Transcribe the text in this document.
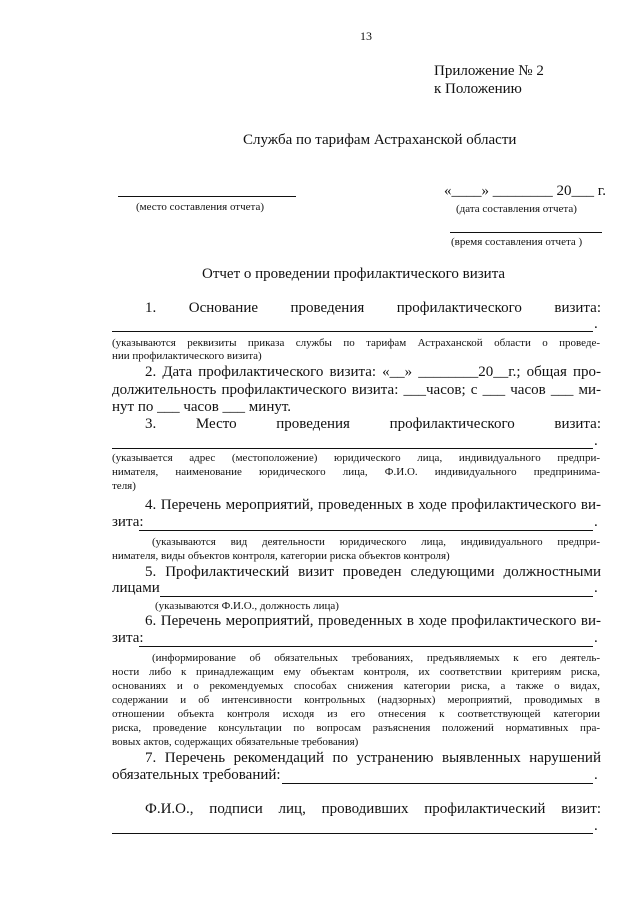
13
Приложение № 2
к Положению
Служба по тарифам Астраханской области
(место составления отчета)
«____» ________ 20___ г.
(дата составления отчета)
(время составления отчета )
Отчет о проведении профилактического визита
1. Основание проведения профилактического визита:
.
(указываются реквизиты приказа службы по тарифам Астраханской области о проведе-
нии профилактического визита)
2. Дата профилактического визита: «__» ________20__г.; общая про-
должительность профилактического визита: ___часов; с ___ часов ___ ми-
нут по ___ часов ___ минут.
3. Место проведения профилактического визита:
.
(указывается адрес (местоположение) юридического лица, индивидуального предпри-
нимателя, наименование юридического лица, Ф.И.О. индивидуального предпринима-
теля)
4. Перечень мероприятий, проведенных в ходе профилактического ви-
зита:	.
(указываются вид деятельности юридического лица, индивидуального предпри-
нимателя, виды объектов контроля, категории риска объектов контроля)
5. Профилактический визит проведен следующими должностными
лицами	.
(указываются Ф.И.О., должность лица)
6. Перечень мероприятий, проведенных в ходе профилактического ви-
зита:	.
(информирование об обязательных требованиях, предъявляемых к его деятель-
ности либо к принадлежащим ему объектам контроля, их соответствии критериям риска,
основаниях и о рекомендуемых способах снижения категории риска, а также о видах,
содержании и об интенсивности контрольных (надзорных) мероприятий, проводимых в
отношении объекта контроля исходя из его отнесения к соответствующей категории
риска, проведение консультации по вопросам разъяснения положений нормативных пра-
вовых актов, содержащих обязательные требования)
7. Перечень рекомендаций по устранению выявленных нарушений
обязательных требований:	.
Ф.И.О., подписи лиц, проводивших профилактический визит:
.
